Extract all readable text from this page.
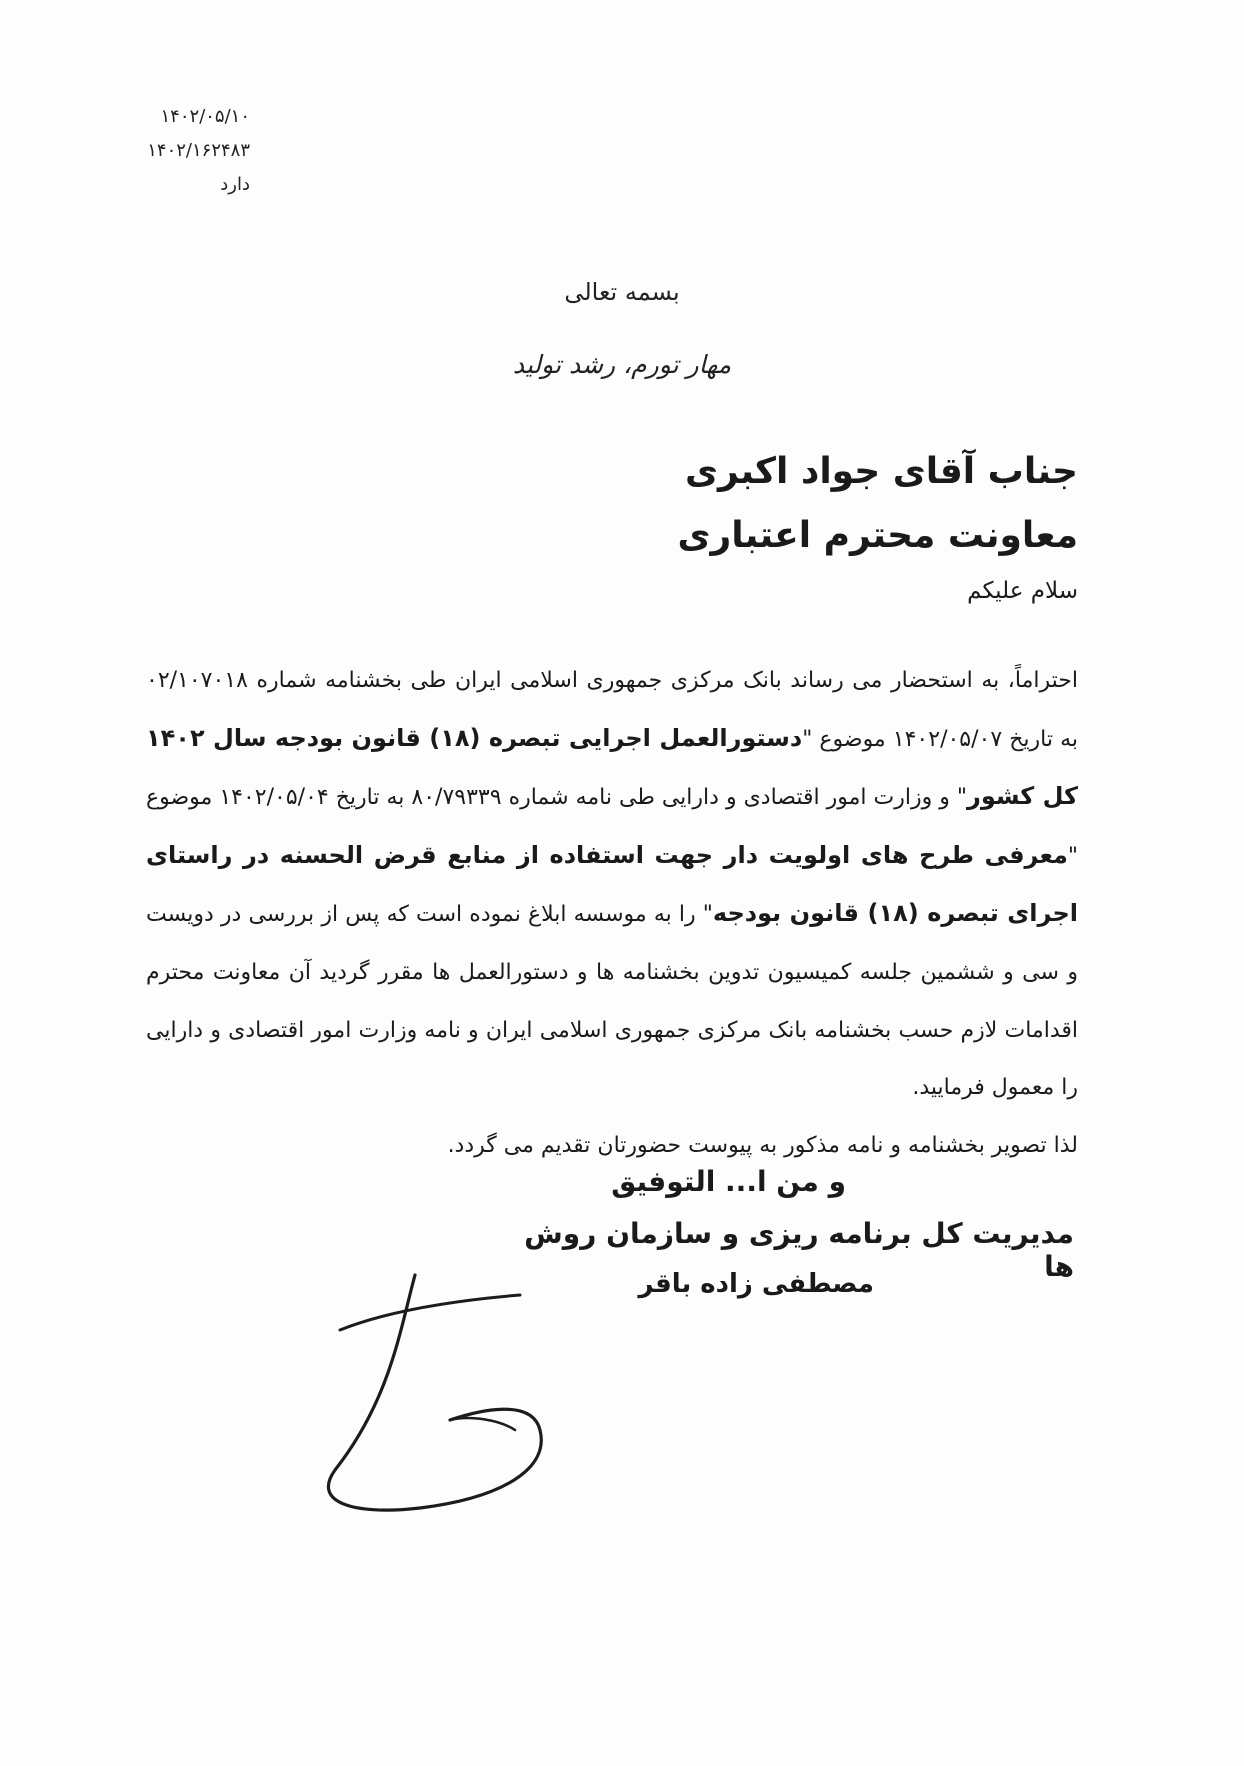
۱۴۰۲/۰۵/۱۰
۱۴۰۲/۱۶۲۴۸۳
دارد
بسمه تعالی
مهار تورم، رشد تولید
جناب آقای جواد اکبری
معاونت محترم اعتباری
سلام علیکم
احتراماً، به استحضار می رساند بانک مرکزی جمهوری اسلامی ایران طی بخشنامه شماره ۰۲/۱۰۷۰۱۸ به تاریخ ۱۴۰۲/۰۵/۰۷ موضوع "دستورالعمل اجرایی تبصره (۱۸) قانون بودجه سال ۱۴۰۲ کل کشور" و وزارت امور اقتصادی و دارایی طی نامه شماره ۸۰/۷۹۳۳۹ به تاریخ ۱۴۰۲/۰۵/۰۴ موضوع "معرفی طرح های اولویت دار جهت استفاده از منابع قرض الحسنه در راستای اجرای تبصره (۱۸) قانون بودجه" را به موسسه ابلاغ نموده است که پس از بررسی در دویست و سی و ششمین جلسه کمیسیون تدوین بخشنامه ها و دستورالعمل ها مقرر گردید آن معاونت محترم اقدامات لازم حسب بخشنامه بانک مرکزی جمهوری اسلامی ایران و نامه وزارت امور اقتصادی و دارایی را معمول فرمایید.
لذا تصویر بخشنامه و نامه مذکور به پیوست حضورتان تقدیم می گردد.
و من ا... التوفیق
مدیریت کل برنامه ریزی و سازمان روش ها
مصطفی زاده باقر
